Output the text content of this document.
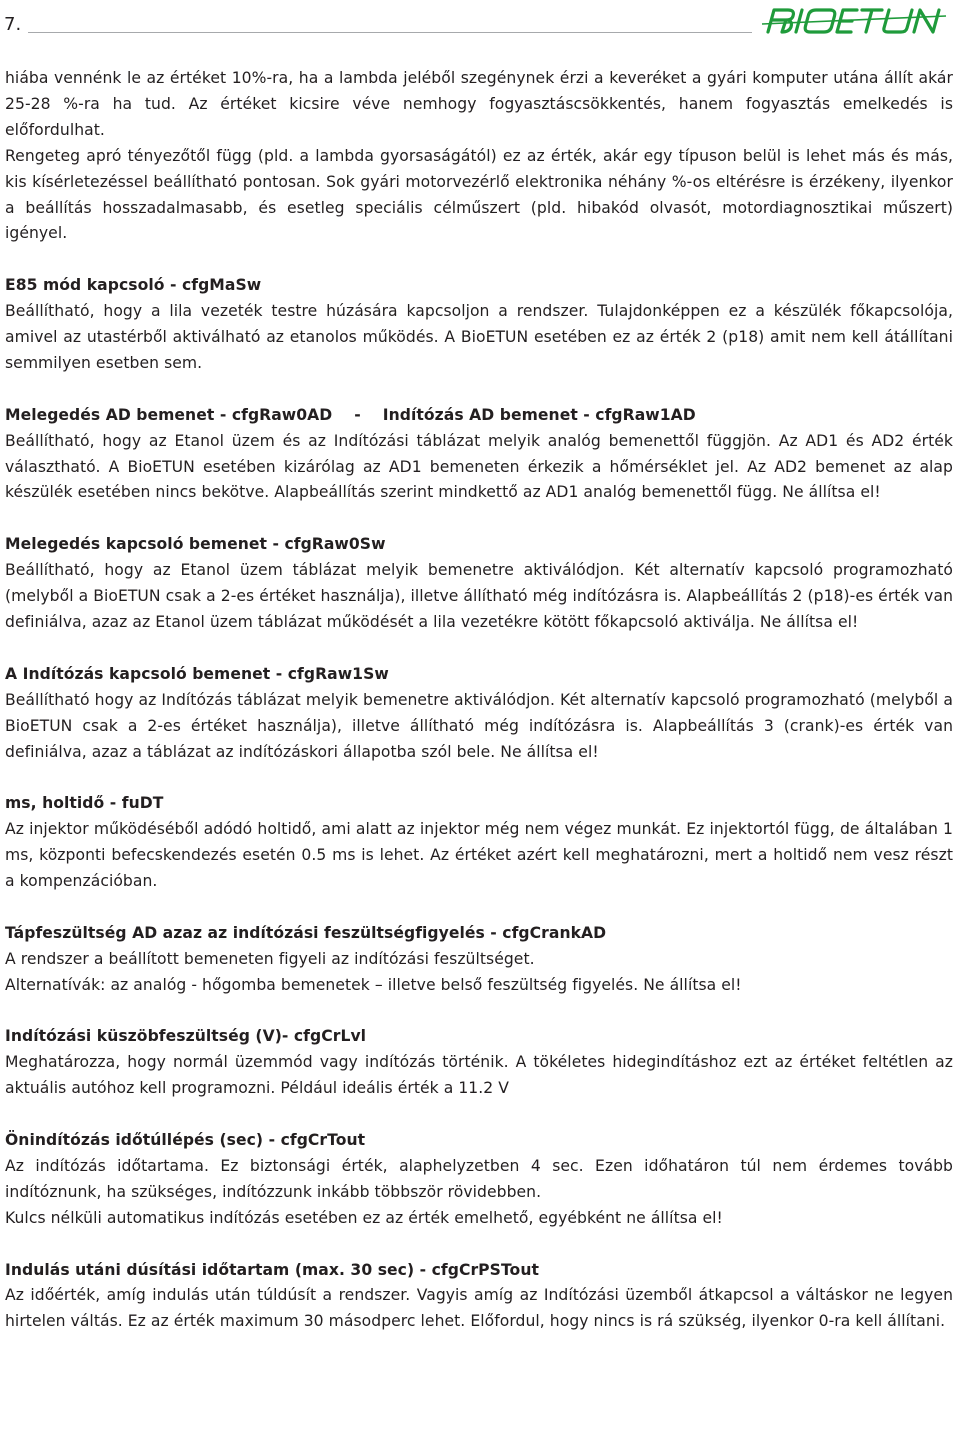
7.

hiába vennénk le az értéket 10%-ra, ha a lambda jeléből szegénynek érzi a keveréket a gyári komputer utána állít akár 25-28 %-ra ha tud. Az értéket kicsire véve nemhogy fogyasztáscsökkentés, hanem fogyasztás emelkedés is előfordulhat.

Rengeteg apró tényezőtől függ (pld. a lambda gyorsaságától) ez az érték, akár egy típuson belül is lehet más és más, kis kísérletezéssel beállítható pontosan. Sok gyári motorvezérlő elektronika néhány %-os eltérésre is érzékeny, ilyenkor a beállítás hosszadalmasabb, és esetleg speciális célműszert (pld. hibakód olvasót, motordiagnosztikai műszert) igényel.

E85 mód kapcsoló - cfgMaSw

Beállítható, hogy a lila vezeték testre húzására kapcsoljon a rendszer. Tulajdonképpen ez a készülék főkapcsolója, amivel az utastérből aktiválható az etanolos működés. A BioETUN esetében ez az érték 2 (p18) amit nem kell átállítani semmilyen esetben sem.

Melegedés AD bemenet - cfgRaw0AD - Indítózás AD bemenet - cfgRaw1AD

Beállítható, hogy az Etanol üzem és az Indítózási táblázat melyik analóg bemenettől függjön. Az AD1 és AD2 érték választható. A BioETUN esetében kizárólag az AD1 bemeneten érkezik a hőmérséklet jel. Az AD2 bemenet az alap készülék esetében nincs bekötve. Alapbeállítás szerint mindkettő az AD1 analóg bemenettől függ. Ne állítsa el!

Melegedés kapcsoló bemenet - cfgRaw0Sw

Beállítható, hogy az Etanol üzem táblázat melyik bemenetre aktiválódjon. Két alternatív kapcsoló programozható (melyből a BioETUN csak a 2-es értéket használja), illetve állítható még indítózásra is. Alapbeállítás 2 (p18)-es érték van definiálva, azaz az Etanol üzem táblázat működését a lila vezetékre kötött főkapcsoló aktiválja. Ne állítsa el!

A Indítózás kapcsoló bemenet - cfgRaw1Sw

Beállítható hogy az Indítózás táblázat melyik bemenetre aktiválódjon. Két alternatív kapcsoló programozható (melyből a BioETUN csak a 2-es értéket használja), illetve állítható még indítózásra is. Alapbeállítás 3 (crank)-es érték van definiálva, azaz a táblázat az indítózáskori állapotba szól bele. Ne állítsa el!

ms, holtidő - fuDT

Az injektor működéséből adódó holtidő, ami alatt az injektor még nem végez munkát. Ez injektortól függ, de általában 1 ms, központi befecskendezés esetén 0.5 ms is lehet. Az értéket azért kell meghatározni, mert a holtidő nem vesz részt a kompenzációban.

Tápfeszültség AD azaz az indítózási feszültségfigyelés - cfgCrankAD

A rendszer a beállított bemeneten figyeli az indítózási feszültséget.

Alternatívák: az analóg - hőgomba bemenetek – illetve belső feszültség figyelés. Ne állítsa el!

Indítózási küszöbfeszültség (V)- cfgCrLvl

Meghatározza, hogy normál üzemmód vagy indítózás történik. A tökéletes hidegindításhoz ezt az értéket feltétlen az aktuális autóhoz kell programozni. Például ideális érték a 11.2 V

Önindítózás időtúllépés (sec) - cfgCrTout

Az indítózás időtartama. Ez biztonsági érték, alaphelyzetben 4 sec. Ezen időhatáron túl nem érdemes tovább indítóznunk, ha szükséges, indítózzunk inkább többször rövidebben.

Kulcs nélküli automatikus indítózás esetében ez az érték emelhető, egyébként ne állítsa el!

Indulás utáni dúsítási időtartam (max. 30 sec) - cfgCrPSTout

Az időérték, amíg indulás után túldúsít a rendszer. Vagyis amíg az Indítózási üzemből átkapcsol a váltáskor ne legyen hirtelen váltás. Ez az érték maximum 30 másodperc lehet. Előfordul, hogy nincs is rá szükség, ilyenkor 0-ra kell állítani.
